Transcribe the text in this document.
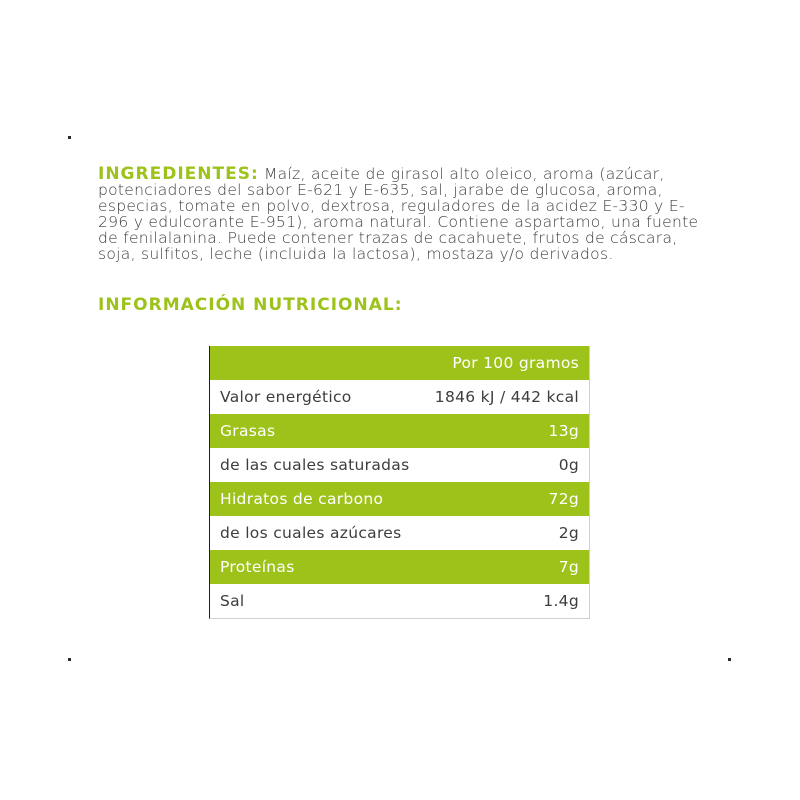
INGREDIENTES: Maíz, aceite de girasol alto oleico, aroma (azúcar, potenciadores del sabor E-621 y E-635, sal, jarabe de glucosa, aroma, especias, tomate en polvo, dextrosa, reguladores de la acidez E-330 y E-296 y edulcorante E-951), aroma natural. Contiene aspartamo, una fuente de fenilalanina. Puede contener trazas de cacahuete, frutos de cáscara, soja, sulfitos, leche (incluida la lactosa), mostaza y/o derivados.

INFORMACIÓN NUTRICIONAL:
Por 100 gramos
Valor energético	1846 kJ / 442 kcal
Grasas	13g
de las cuales saturadas	0g
Hidratos de carbono	72g
de los cuales azúcares	2g
Proteínas	7g
Sal	1.4g
